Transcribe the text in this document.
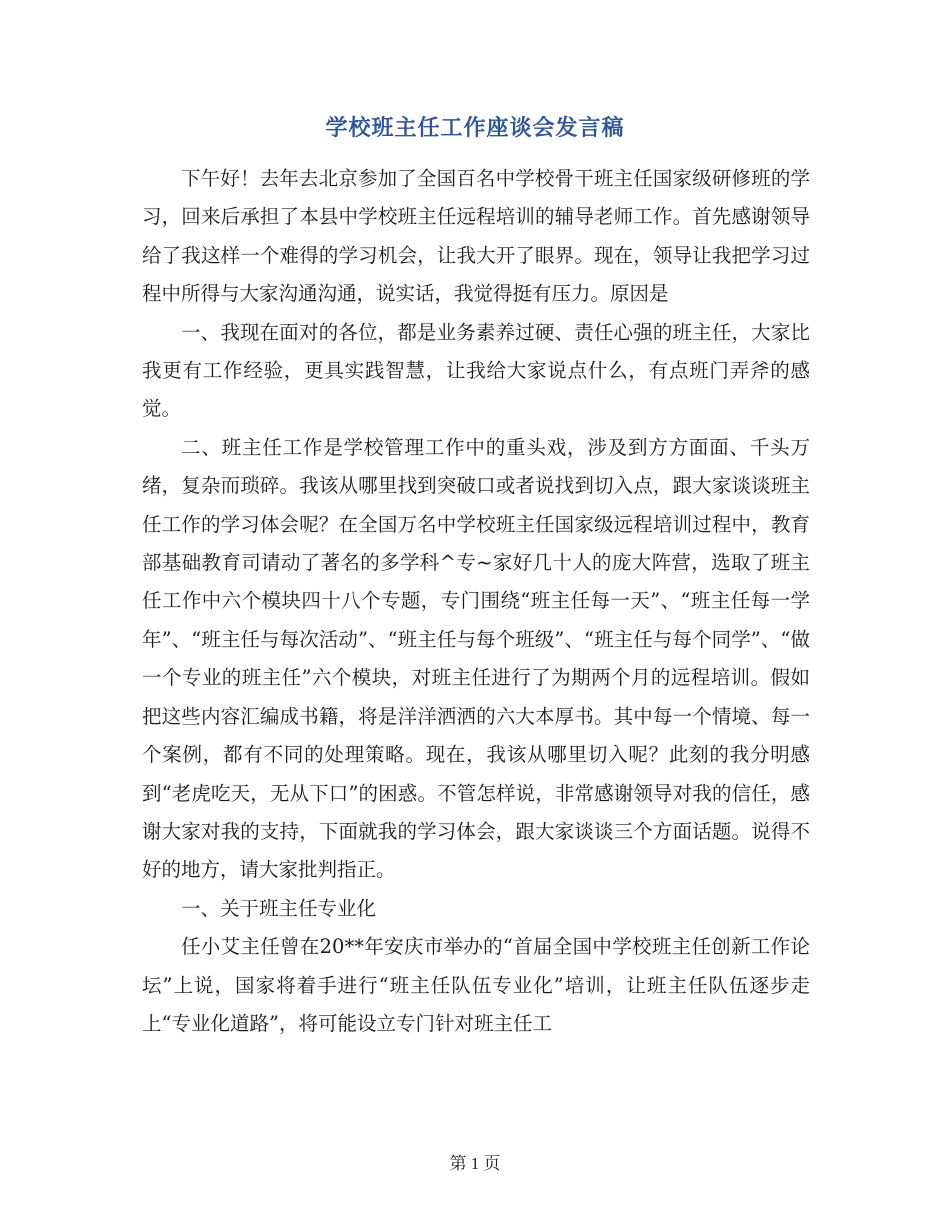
学校班主任工作座谈会发言稿

下午好！去年去北京参加了全国百名中学校骨干班主任国家级研修班的学习，回来后承担了本县中学校班主任远程培训的辅导老师工作。首先感谢领导给了我这样一个难得的学习机会，让我大开了眼界。现在，领导让我把学习过程中所得与大家沟通沟通，说实话，我觉得挺有压力。原因是

一、我现在面对的各位，都是业务素养过硬、责任心强的班主任，大家比我更有工作经验，更具实践智慧，让我给大家说点什么，有点班门弄斧的感觉。

二、班主任工作是学校管理工作中的重头戏，涉及到方方面面、千头万绪，复杂而琐碎。我该从哪里找到突破口或者说找到切入点，跟大家谈谈班主任工作的学习体会呢？在全国万名中学校班主任国家级远程培训过程中，教育部基础教育司请动了著名的多学科^专~家好几十人的庞大阵营，选取了班主任工作中六个模块四十八个专题，专门围绕“班主任每一天”、“班主任每一学年”、“班主任与每次活动”、“班主任与每个班级”、“班主任与每个同学”、“做一个专业的班主任”六个模块，对班主任进行了为期两个月的远程培训。假如把这些内容汇编成书籍，将是洋洋洒洒的六大本厚书。其中每一个情境、每一个案例，都有不同的处理策略。现在，我该从哪里切入呢？此刻的我分明感到“老虎吃天，无从下口”的困惑。不管怎样说，非常感谢领导对我的信任，感谢大家对我的支持，下面就我的学习体会，跟大家谈谈三个方面话题。说得不好的地方，请大家批判指正。

一、关于班主任专业化

任小艾主任曾在20**年安庆市举办的“首届全国中学校班主任创新工作论坛”上说，国家将着手进行“班主任队伍专业化”培训，让班主任队伍逐步走上“专业化道路”，将可能设立专门针对班主任工

第 1 页
